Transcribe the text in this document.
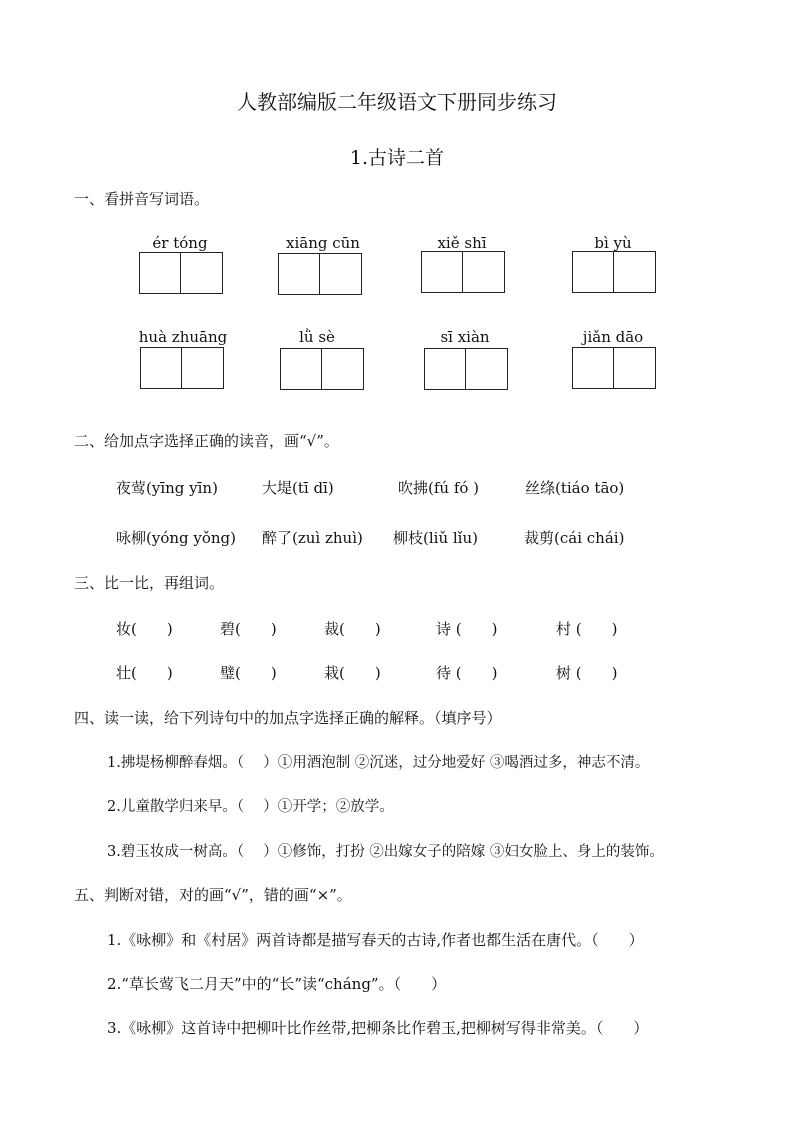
人教部编版二年级语文下册同步练习
1.古诗二首
一、看拼音写词语。
ér tóng	xiāng cūn	xiě shī	bì yù
huà zhuāng	lǜ sè	sī xiàn	jiǎn dāo
二、给加点字选择正确的读音，画“√”。
夜莺(yīng yīn)	大堤(tī dī)	吹拂(fú fó )	丝绦(tiáo tāo)
咏柳(yóng yǒng) 醉了(zuì zhuì) 柳枝(liǔ lǐu)	裁剪(cái chái)
三、比一比，再组词。
妆(　　)	碧(　　)	裁(　　)	诗 (　　)	村 (　　)
壮(　　)	璧(　　)	栽(　　)	待 (　　)	树 (　　)
四、读一读，给下列诗句中的加点字选择正确的解释。（填序号）
1.拂堤杨柳醉春烟。（　 ）①用酒泡制 ②沉迷，过分地爱好 ③喝酒过多，神志不清。
2.儿童散学归来早。（　 ）①开学；②放学。
3.碧玉妆成一树高。（　 ）①修饰，打扮 ②出嫁女子的陪嫁 ③妇女脸上、身上的装饰。
五、判断对错，对的画“√”，错的画“×”。
1.《咏柳》和《村居》两首诗都是描写春天的古诗,作者也都生活在唐代。（　　）
2.“草长莺飞二月天”中的“长”读“cháng”。（　　）
3.《咏柳》这首诗中把柳叶比作丝带,把柳条比作碧玉,把柳树写得非常美。（　　）
